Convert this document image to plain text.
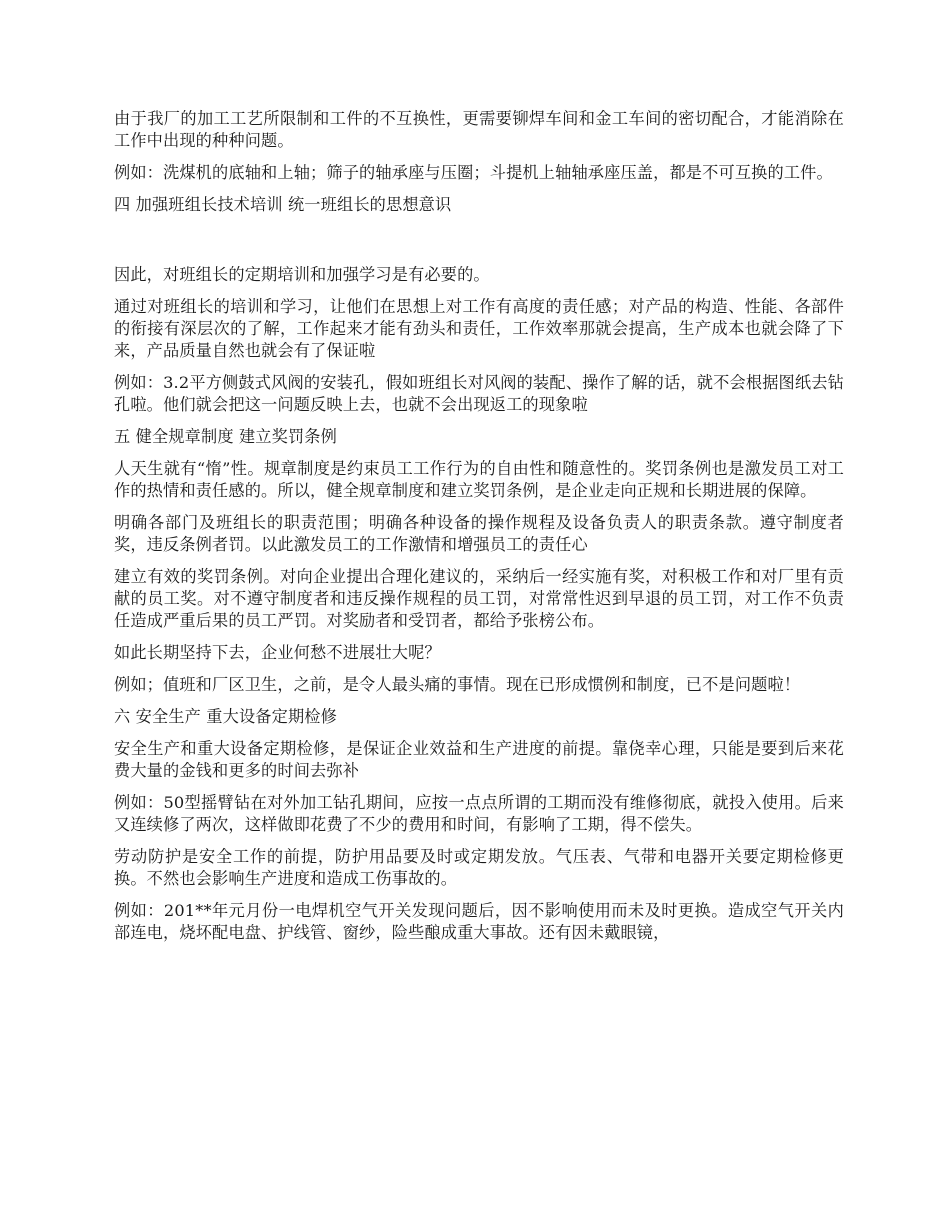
由于我厂的加工工艺所限制和工件的不互换性，更需要铆焊车间和金工车间的密切配合，才能消除在工作中出现的种种问题。

例如：洗煤机的底轴和上轴；筛子的轴承座与压圈；斗提机上轴轴承座压盖，都是不可互换的工件。

四 加强班组长技术培训 统一班组长的思想意识

因此，对班组长的定期培训和加强学习是有必要的。

通过对班组长的培训和学习，让他们在思想上对工作有高度的责任感；对产品的构造、性能、各部件的衔接有深层次的了解，工作起来才能有劲头和责任，工作效率那就会提高，生产成本也就会降了下来，产品质量自然也就会有了保证啦

例如：3.2平方侧鼓式风阀的安装孔，假如班组长对风阀的装配、操作了解的话，就不会根据图纸去钻孔啦。他们就会把这一问题反映上去，也就不会出现返工的现象啦

五 健全规章制度 建立奖罚条例

人天生就有“惰”性。规章制度是约束员工工作行为的自由性和随意性的。奖罚条例也是激发员工对工作的热情和责任感的。所以，健全规章制度和建立奖罚条例，是企业走向正规和长期进展的保障。

明确各部门及班组长的职责范围；明确各种设备的操作规程及设备负责人的职责条款。遵守制度者奖，违反条例者罚。以此激发员工的工作激情和增强员工的责任心

建立有效的奖罚条例。对向企业提出合理化建议的，采纳后一经实施有奖，对积极工作和对厂里有贡献的员工奖。对不遵守制度者和违反操作规程的员工罚，对常常性迟到早退的员工罚，对工作不负责任造成严重后果的员工严罚。对奖励者和受罚者，都给予张榜公布。

如此长期坚持下去，企业何愁不进展壮大呢？

例如；值班和厂区卫生，之前，是令人最头痛的事情。现在已形成惯例和制度，已不是问题啦！

六 安全生产 重大设备定期检修

安全生产和重大设备定期检修，是保证企业效益和生产进度的前提。靠侥幸心理，只能是要到后来花费大量的金钱和更多的时间去弥补

例如：50型摇臂钻在对外加工钻孔期间，应按一点点所谓的工期而没有维修彻底，就投入使用。后来又连续修了两次，这样做即花费了不少的费用和时间，有影响了工期，得不偿失。

劳动防护是安全工作的前提，防护用品要及时或定期发放。气压表、气带和电器开关要定期检修更换。不然也会影响生产进度和造成工伤事故的。

例如：201**年元月份一电焊机空气开关发现问题后，因不影响使用而未及时更换。造成空气开关内部连电，烧坏配电盘、护线管、窗纱，险些酿成重大事故。还有因未戴眼镜，
